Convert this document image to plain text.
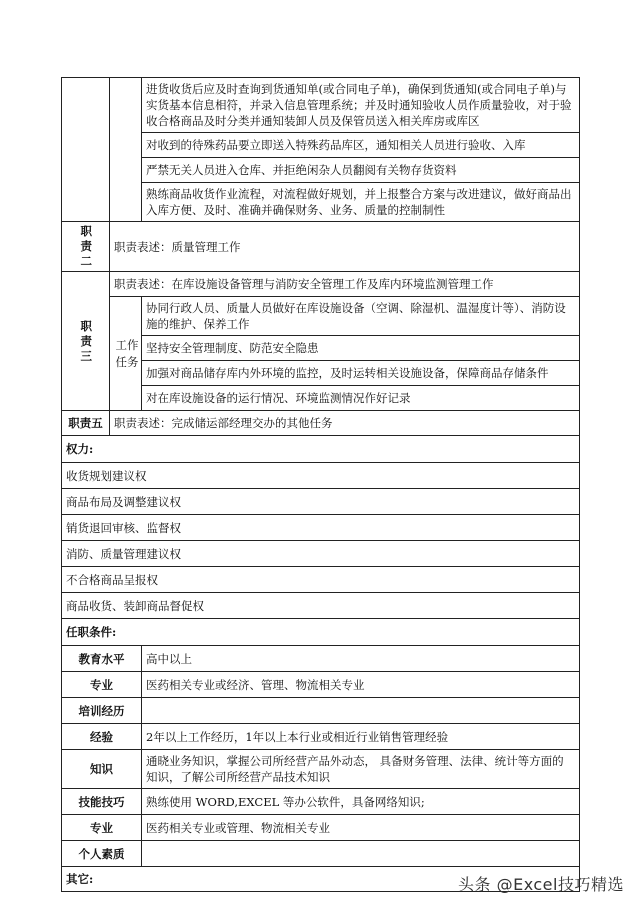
		进货收货后应及时查询到货通知单(或合同电子单)，确保到货通知(或合同电子单)与实货基本信息相符，并录入信息管理系统；并及时通知验收人员作质量验收，对于验收合格商品及时分类并通知装卸人员及保管员送入相关库房或库区
		对收到的待殊药品要立即送入特殊药品库区，通知相关人员进行验收、入库
		严禁无关人员进入仓库、并拒绝闲杂人员翻阅有关物存货资料
		熟练商品收货作业流程，对流程做好规划，并上报整合方案与改进建议，做好商品出入库方便、及时、准确并确保财务、业务、质量的控制制性

职责二	职责表述：质量管理工作	

职责三	职责表述：在库设施设备管理与消防安全管理工作及库内环境监测管理工作	

	工作任务	协同行政人员、质量人员做好在库设施设备（空调、除湿机、温湿度计等）、消防设施的维护、保养工作
		坚持安全管理制度、防范安全隐患
		加强对商品储存库内外环境的监控，及时运转相关设施设备，保障商品存储条件
		对在库设施设备的运行情况、环境监测情况作好记录
职责五	职责表述：完成储运部经理交办的其他任务	
权力:		
收货规划建议权		
商品布局及调整建议权		
销货退回审核、监督权		
消防、质量管理建议权		
不合格商品呈报权		
商品收货、装卸商品督促权		
任职条件:		
教育水平		高中以上
专业		医药相关专业或经济、管理、物流相关专业
培训经历		
经验		2年以上工作经历，1年以上本行业或相近行业销售管理经验
知识		通晓业务知识，掌握公司所经营产品外动态， 具备财务管理、法律、统计等方面的知识，了解公司所经营产品技术知识
技能技巧		熟练使用 WORD,EXCEL 等办公软件，具备网络知识;
专业		医药相关专业或管理、物流相关专业
个人素质		
其它:			头条 @Excel技巧精选
